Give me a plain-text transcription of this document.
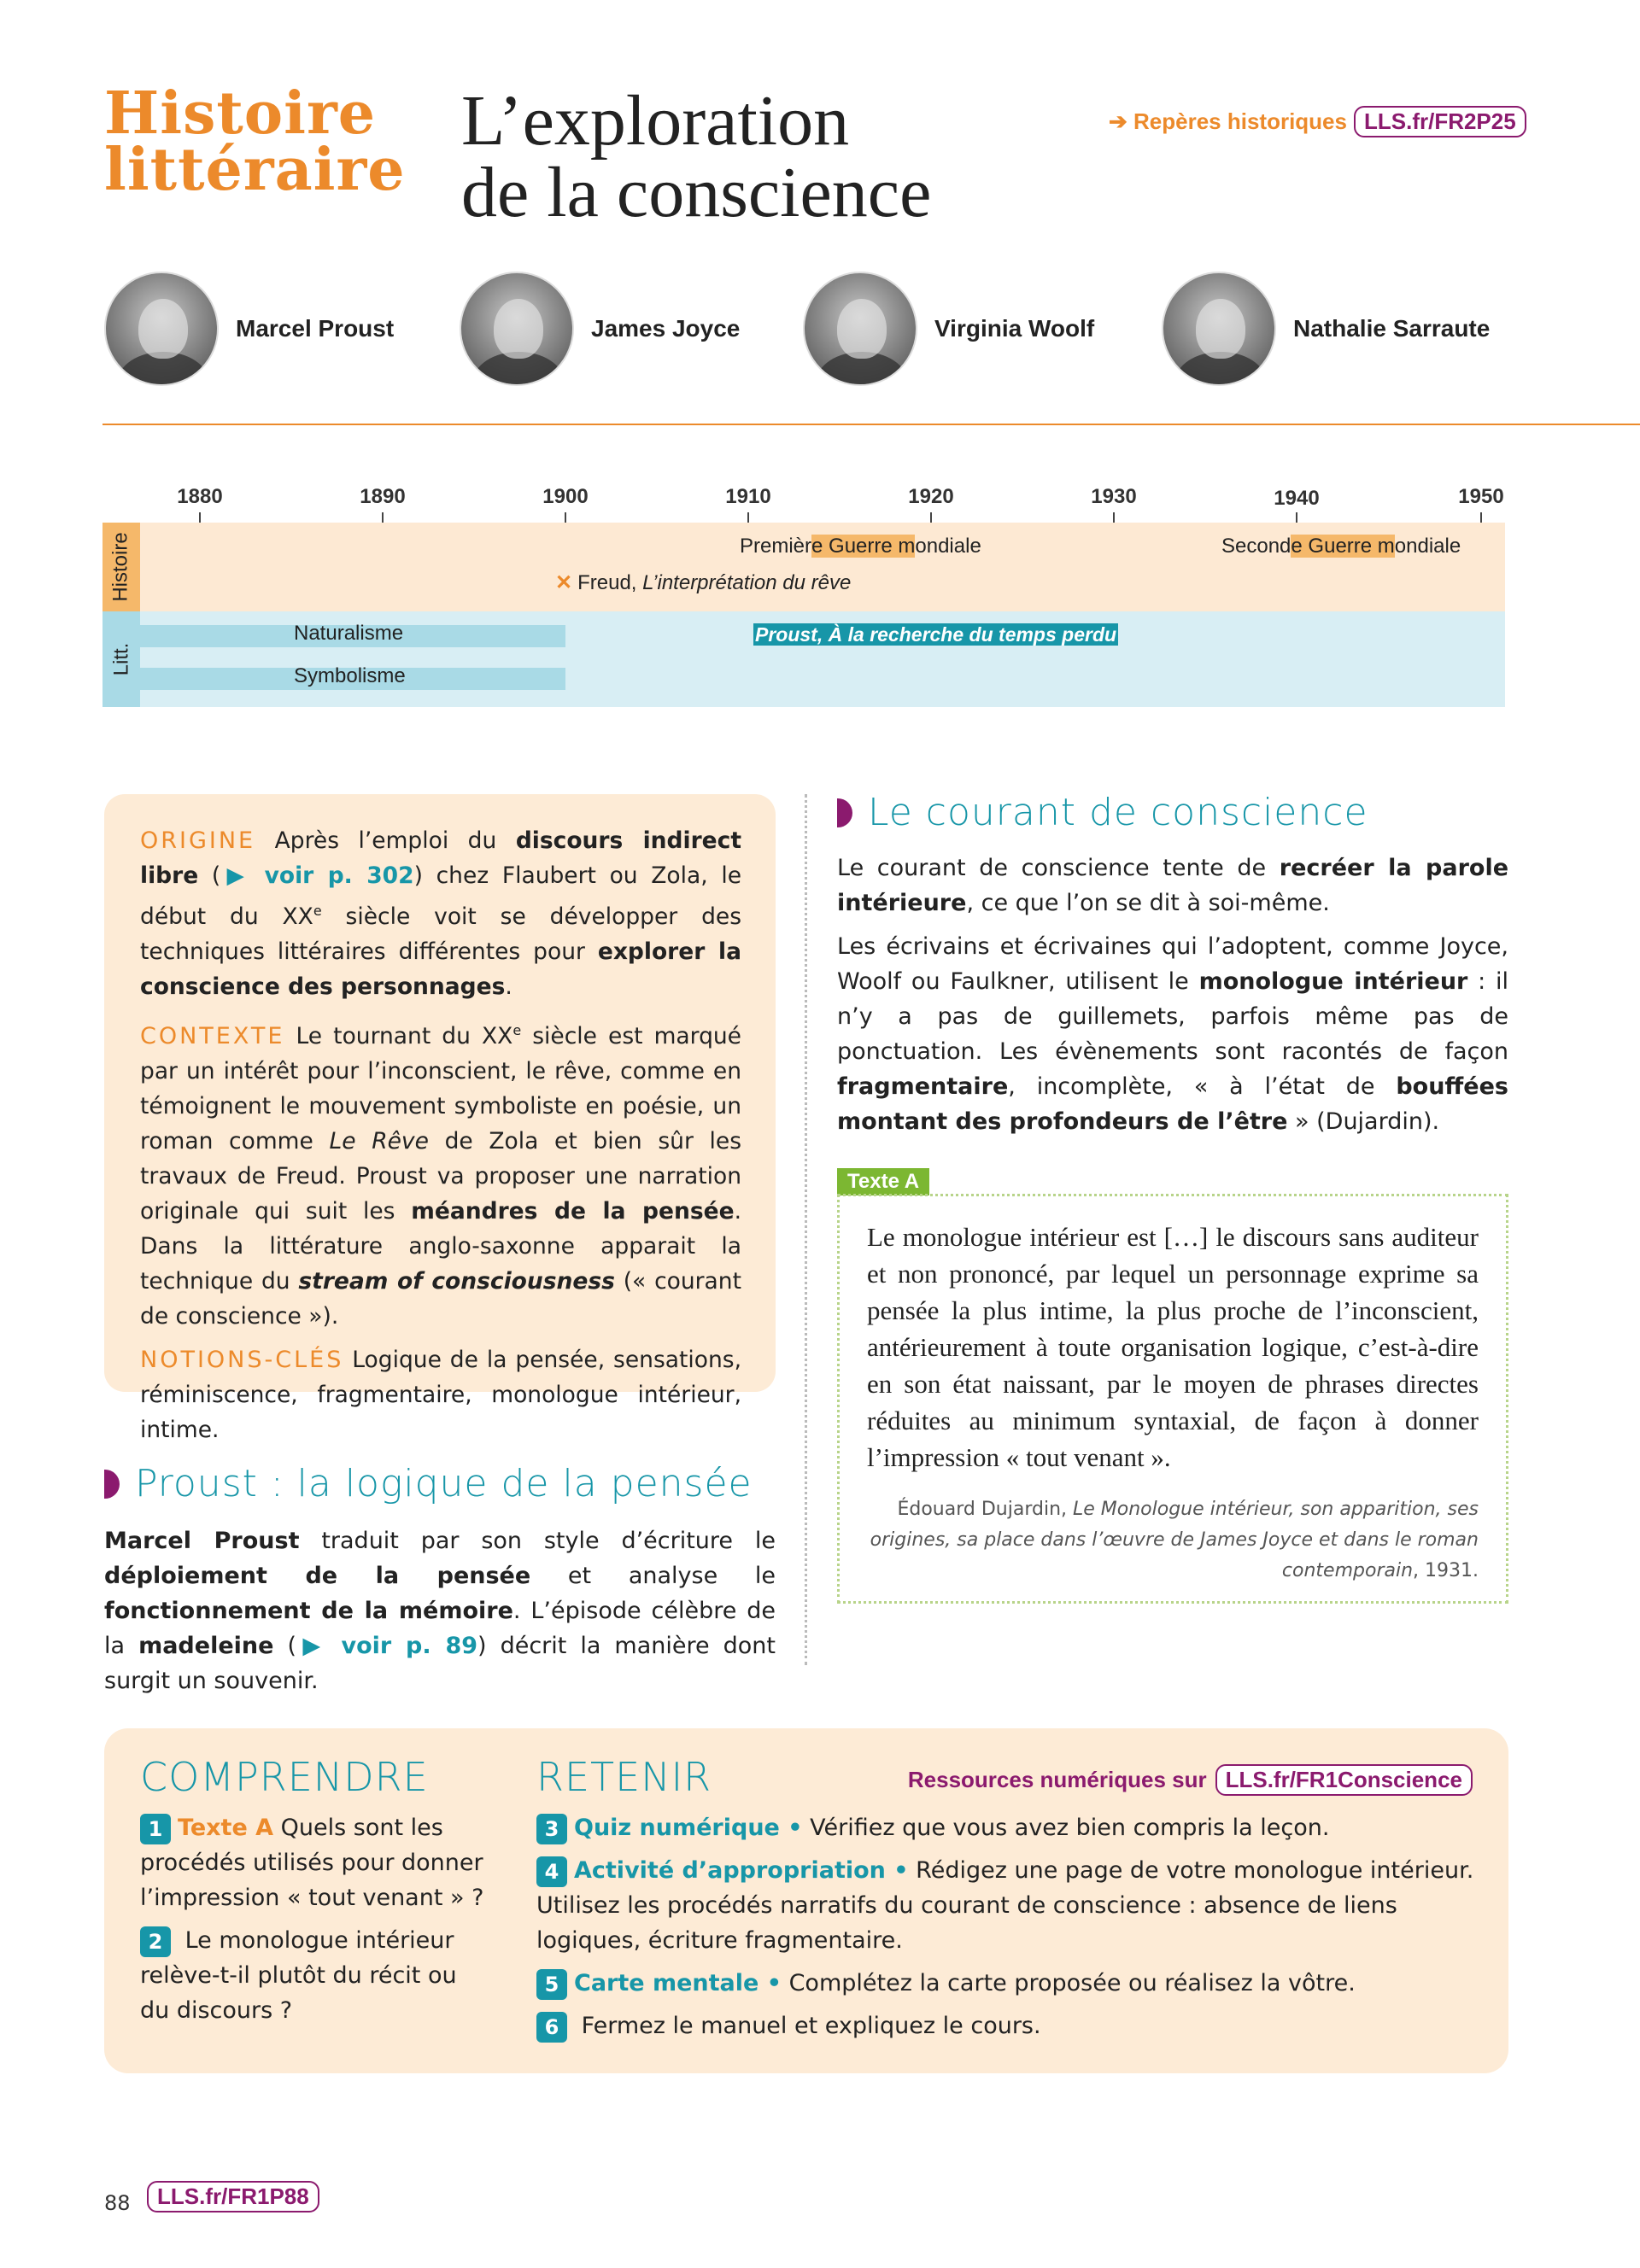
Histoire
littéraire
L’exploration
de la conscience
➔ Repères historiques LLS.fr/FR2P25
Marcel Proust	James Joyce	Virginia Woolf	Nathalie Sarraute
Histoire
Litt.
1880	1890	1900	1910	1920	1930	1940	1950
Première Guerre mondiale	Seconde Guerre mondiale
✕ Freud, L’interprétation du rêve
Naturalisme
Symbolisme
Proust, À la recherche du temps perdu

ORIGINE Après l’emploi du discours indirect libre (▶ voir p. 302) chez Flaubert ou Zola, le début du XXe siècle voit se développer des techniques littéraires différentes pour explorer la conscience des personnages.

CONTEXTE Le tournant du XXe siècle est marqué par un intérêt pour l’inconscient, le rêve, comme en témoignent le mouvement symboliste en poésie, un roman comme Le Rêve de Zola et bien sûr les travaux de Freud. Proust va proposer une narration originale qui suit les méandres de la pensée. Dans la littérature anglo-saxonne apparait la technique du stream of consciousness (« courant de conscience »).

NOTIONS-CLÉS Logique de la pensée, sensations, réminiscence, fragmentaire, monologue intérieur, intime.

Proust : la logique de la pensée
Marcel Proust traduit par son style d’écriture le déploiement de la pensée et analyse le fonctionnement de la mémoire. L’épisode célèbre de la madeleine (▶ voir p. 89) décrit la manière dont surgit un souvenir.
Le courant de conscience

Le courant de conscience tente de recréer la parole intérieure, ce que l’on se dit à soi-même.

Les écrivains et écrivaines qui l’adoptent, comme Joyce, Woolf ou Faulkner, utilisent le monologue intérieur : il n’y a pas de guillemets, parfois même pas de ponctuation. Les évènements sont racontés de façon fragmentaire, incomplète, « à l’état de bouffées montant des profondeurs de l’être » (Dujardin).

Texte A
Le monologue intérieur est […] le discours sans auditeur et non prononcé, par lequel un personnage exprime sa pensée la plus intime, la plus proche de l’inconscient, antérieurement à toute organisation logique, c’est-à-dire en son état naissant, par le moyen de phrases directes réduites au minimum syntaxial, de façon à donner l’impression « tout venant ».
Édouard Dujardin, Le Monologue intérieur, son apparition, ses origines, sa place dans l’œuvre de James Joyce et dans le roman contemporain, 1931.
COMPRENDRE	RETENIR	Ressources numériques sur LLS.fr/FR1Conscience
1 Texte A Quels sont les procédés utilisés pour donner l’impression « tout venant » ?
2 Le monologue intérieur relève-t-il plutôt du récit ou du discours ?
3 Quiz numérique • Vérifiez que vous avez bien compris la leçon.
4 Activité d’appropriation • Rédigez une page de votre monologue intérieur. Utilisez les procédés narratifs du courant de conscience : absence de liens logiques, écriture fragmentaire.
5 Carte mentale • Complétez la carte proposée ou réalisez la vôtre.
6 Fermez le manuel et expliquez le cours.
88	LLS.fr/FR1P88
